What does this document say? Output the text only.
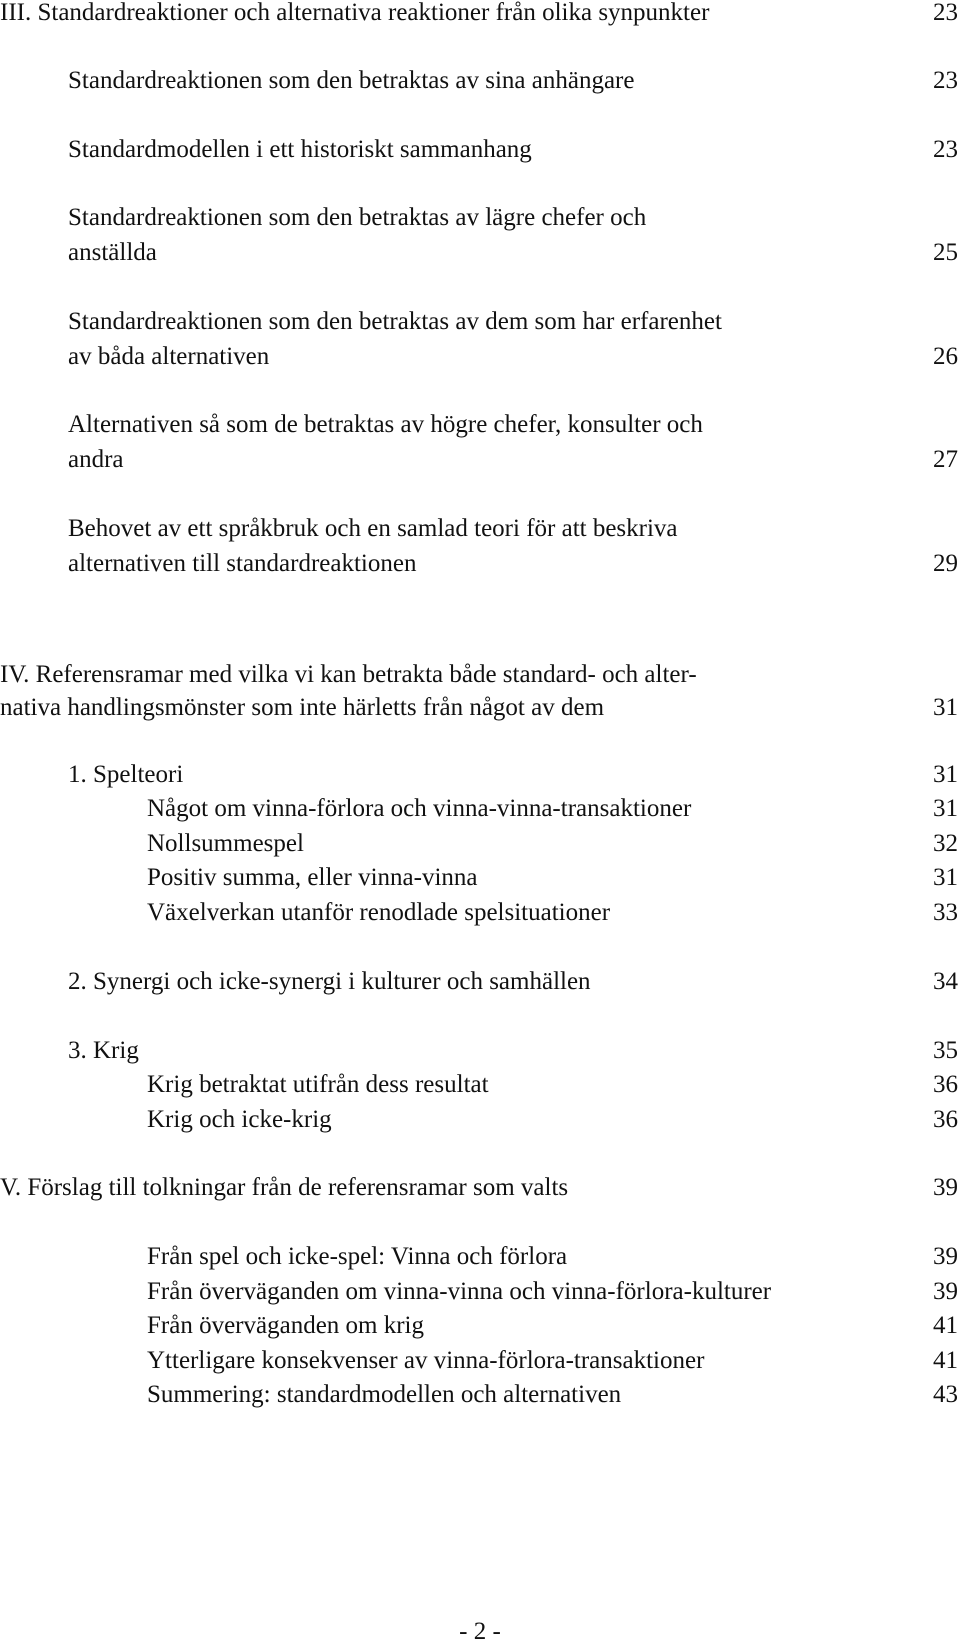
III. Standardreaktioner och alternativa reaktioner från olika synpunkter	23
Standardreaktionen som den betraktas av sina anhängare	23
Standardmodellen i ett historiskt sammanhang	23
Standardreaktionen som den betraktas av lägre chefer och
anställda	25
Standardreaktionen som den betraktas av dem som har erfarenhet
av båda alternativen	26
Alternativen så som de betraktas av högre chefer, konsulter och
andra	27
Behovet av ett språkbruk och en samlad teori för att beskriva
alternativen till standardreaktionen	29
IV. Referensramar med vilka vi kan betrakta både standard- och alter-
nativa handlingsmönster som inte härletts från något av dem	31
1. Spelteori	31
Något om vinna-förlora och vinna-vinna-transaktioner	31
Nollsummespel	32
Positiv summa, eller vinna-vinna	31
Växelverkan utanför renodlade spelsituationer	33
2. Synergi och icke-synergi i kulturer och samhällen	34
3. Krig	35
Krig betraktat utifrån dess resultat	36
Krig och icke-krig	36
V. Förslag till tolkningar från de referensramar som valts	39
Från spel och icke-spel: Vinna och förlora	39
Från överväganden om vinna-vinna och vinna-förlora-kulturer	39
Från överväganden om krig	41
Ytterligare konsekvenser av vinna-förlora-transaktioner	41
Summering: standardmodellen och alternativen	43
- 2 -
